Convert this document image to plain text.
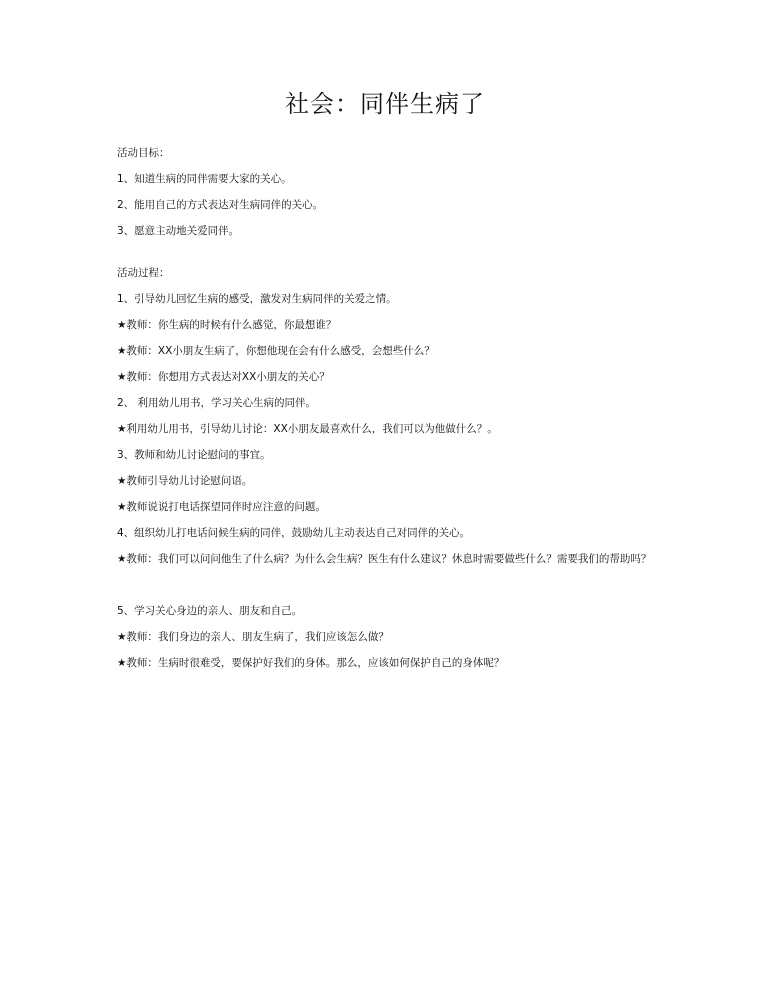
社会：同伴生病了
活动目标：
1、知道生病的同伴需要大家的关心。
2、能用自己的方式表达对生病同伴的关心。
3、愿意主动地关爱同伴。
活动过程：
1、引导幼儿回忆生病的感受，激发对生病同伴的关爱之情。
★教师：你生病的时候有什么感觉，你最想谁？
★教师：XX小朋友生病了，你想他现在会有什么感受，会想些什么？
★教师：你想用方式表达对XX小朋友的关心？
2、 利用幼儿用书，学习关心生病的同伴。
★利用幼儿用书，引导幼儿讨论：XX小朋友最喜欢什么，我们可以为他做什么？。
3、教师和幼儿讨论慰问的事宜。
★教师引导幼儿讨论慰问语。
★教师说说打电话探望同伴时应注意的问题。
4、组织幼儿打电话问候生病的同伴，鼓励幼儿主动表达自己对同伴的关心。
★教师：我们可以问问他生了什么病？为什么会生病？医生有什么建议？休息时需要做些什么？需要我们的帮助吗？
5、学习关心身边的亲人、朋友和自己。
★教师：我们身边的亲人、朋友生病了，我们应该怎么做？
★教师：生病时很难受，要保护好我们的身体。那么，应该如何保护自己的身体呢？
